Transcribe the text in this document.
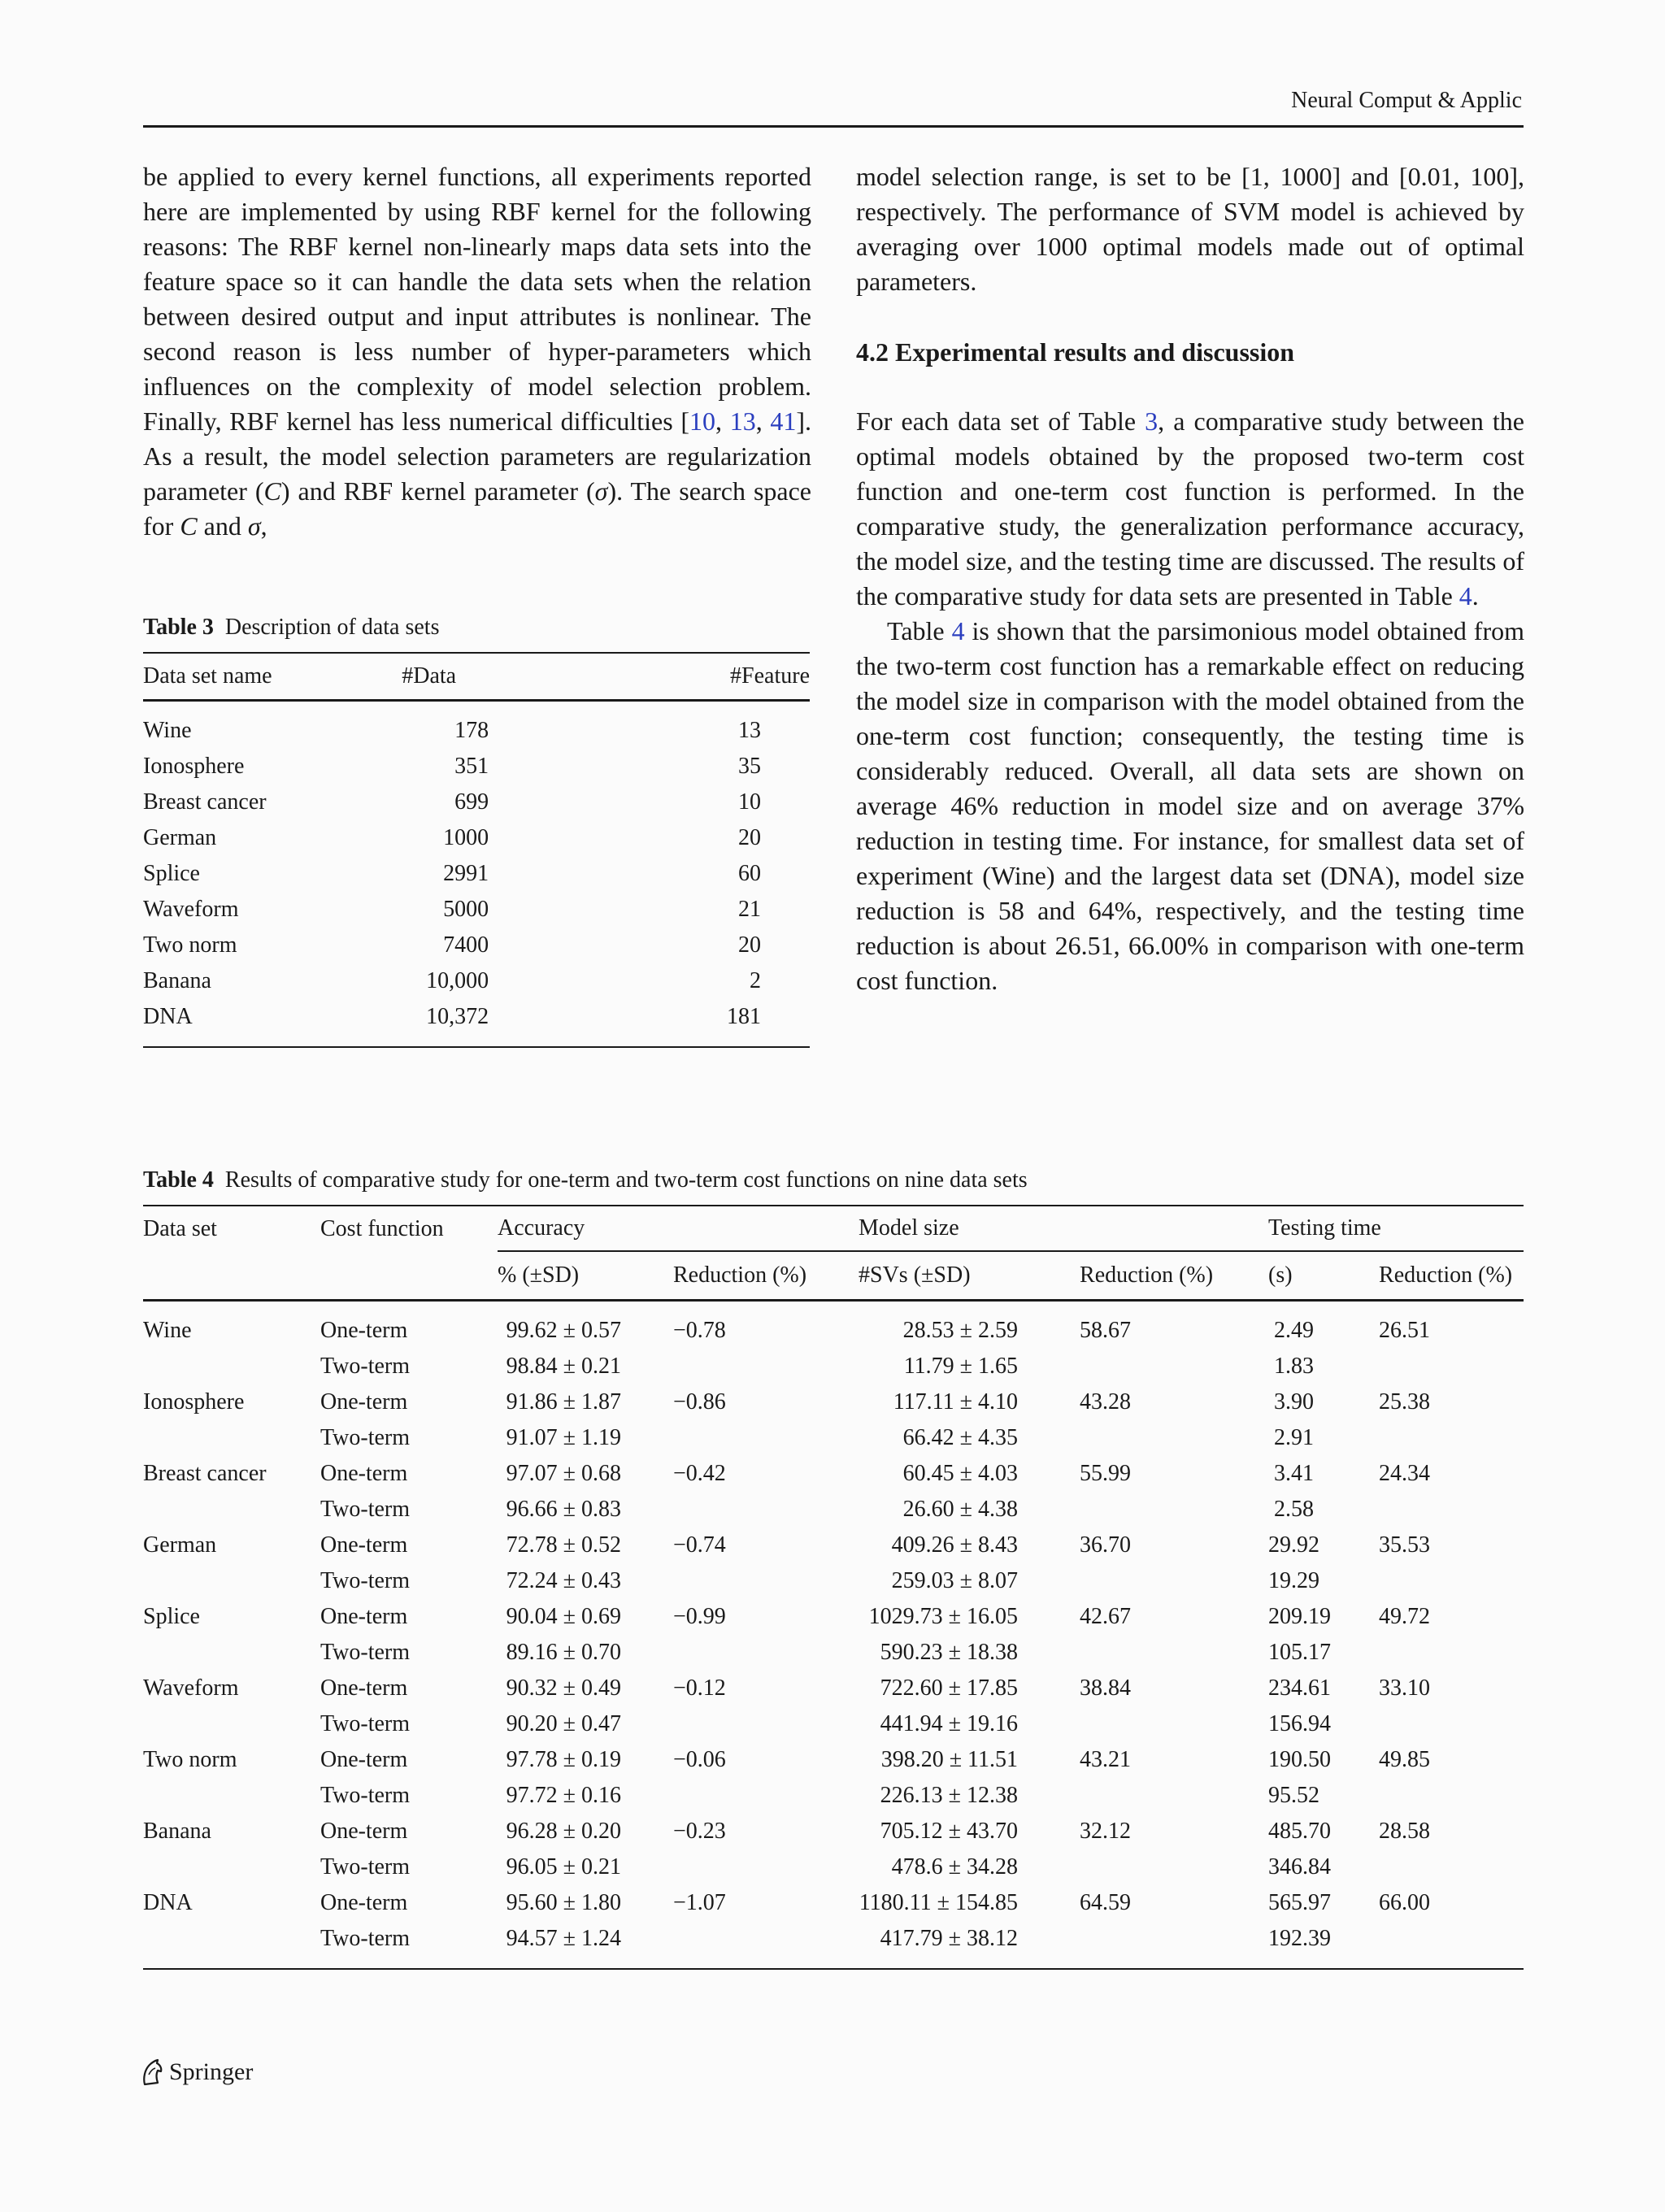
Neural Comput & Applic

be applied to every kernel functions, all experiments reported here are implemented by using RBF kernel for the following reasons: The RBF kernel non-linearly maps data sets into the feature space so it can handle the data sets when the relation between desired output and input attributes is nonlinear. The second reason is less number of hyper-parameters which influences on the complexity of model selection problem. Finally, RBF kernel has less numerical difficulties [10, 13, 41]. As a result, the model selection parameters are regularization parameter (C) and RBF kernel parameter (σ). The search space for C and σ,

Table 3 Description of data sets
Data set name	#Data	#Feature
Wine	178	13
Ionosphere	351	35
Breast cancer	699	10
German	1000	20
Splice	2991	60
Waveform	5000	21
Two norm	7400	20
Banana	10,000	2
DNA	10,372	181

model selection range, is set to be [1, 1000] and [0.01, 100], respectively. The performance of SVM model is achieved by averaging over 1000 optimal models made out of optimal parameters.

4.2 Experimental results and discussion

For each data set of Table 3, a comparative study between the optimal models obtained by the proposed two-term cost function and one-term cost function is performed. In the comparative study, the generalization performance accuracy, the model size, and the testing time are discussed. The results of the comparative study for data sets are presented in Table 4.

Table 4 is shown that the parsimonious model obtained from the two-term cost function has a remarkable effect on reducing the model size in comparison with the model obtained from the one-term cost function; consequently, the testing time is considerably reduced. Overall, all data sets are shown on average 46% reduction in model size and on average 37% reduction in testing time. For instance, for smallest data set of experiment (Wine) and the largest data set (DNA), model size reduction is 58 and 64%, respectively, and the testing time reduction is about 26.51, 66.00% in comparison with one-term cost function.

Table 4 Results of comparative study for one-term and two-term cost functions on nine data sets
Data set	Cost function	Accuracy		Model size		Testing time	
		% (±SD)	Reduction (%)	#SVs (±SD)	Reduction (%)	(s)	Reduction (%)
Wine	One-term	99.62 ± 0.57	−0.78	28.53 ± 2.59	58.67	2.49	26.51
	Two-term	98.84 ± 0.21		11.79 ± 1.65		1.83	
Ionosphere	One-term	91.86 ± 1.87	−0.86	117.11 ± 4.10	43.28	3.90	25.38
	Two-term	91.07 ± 1.19		66.42 ± 4.35		2.91	
Breast cancer	One-term	97.07 ± 0.68	−0.42	60.45 ± 4.03	55.99	3.41	24.34
	Two-term	96.66 ± 0.83		26.60 ± 4.38		2.58	
German	One-term	72.78 ± 0.52	−0.74	409.26 ± 8.43	36.70	29.92	35.53
	Two-term	72.24 ± 0.43		259.03 ± 8.07		19.29	
Splice	One-term	90.04 ± 0.69	−0.99	1029.73 ± 16.05	42.67	209.19	49.72
	Two-term	89.16 ± 0.70		590.23 ± 18.38		105.17	
Waveform	One-term	90.32 ± 0.49	−0.12	722.60 ± 17.85	38.84	234.61	33.10
	Two-term	90.20 ± 0.47		441.94 ± 19.16		156.94	
Two norm	One-term	97.78 ± 0.19	−0.06	398.20 ± 11.51	43.21	190.50	49.85
	Two-term	97.72 ± 0.16		226.13 ± 12.38		95.52	
Banana	One-term	96.28 ± 0.20	−0.23	705.12 ± 43.70	32.12	485.70	28.58
	Two-term	96.05 ± 0.21		478.6 ± 34.28		346.84	
DNA	One-term	95.60 ± 1.80	−1.07	1180.11 ± 154.85	64.59	565.97	66.00
	Two-term	94.57 ± 1.24		417.79 ± 38.12		192.39	
Springer
